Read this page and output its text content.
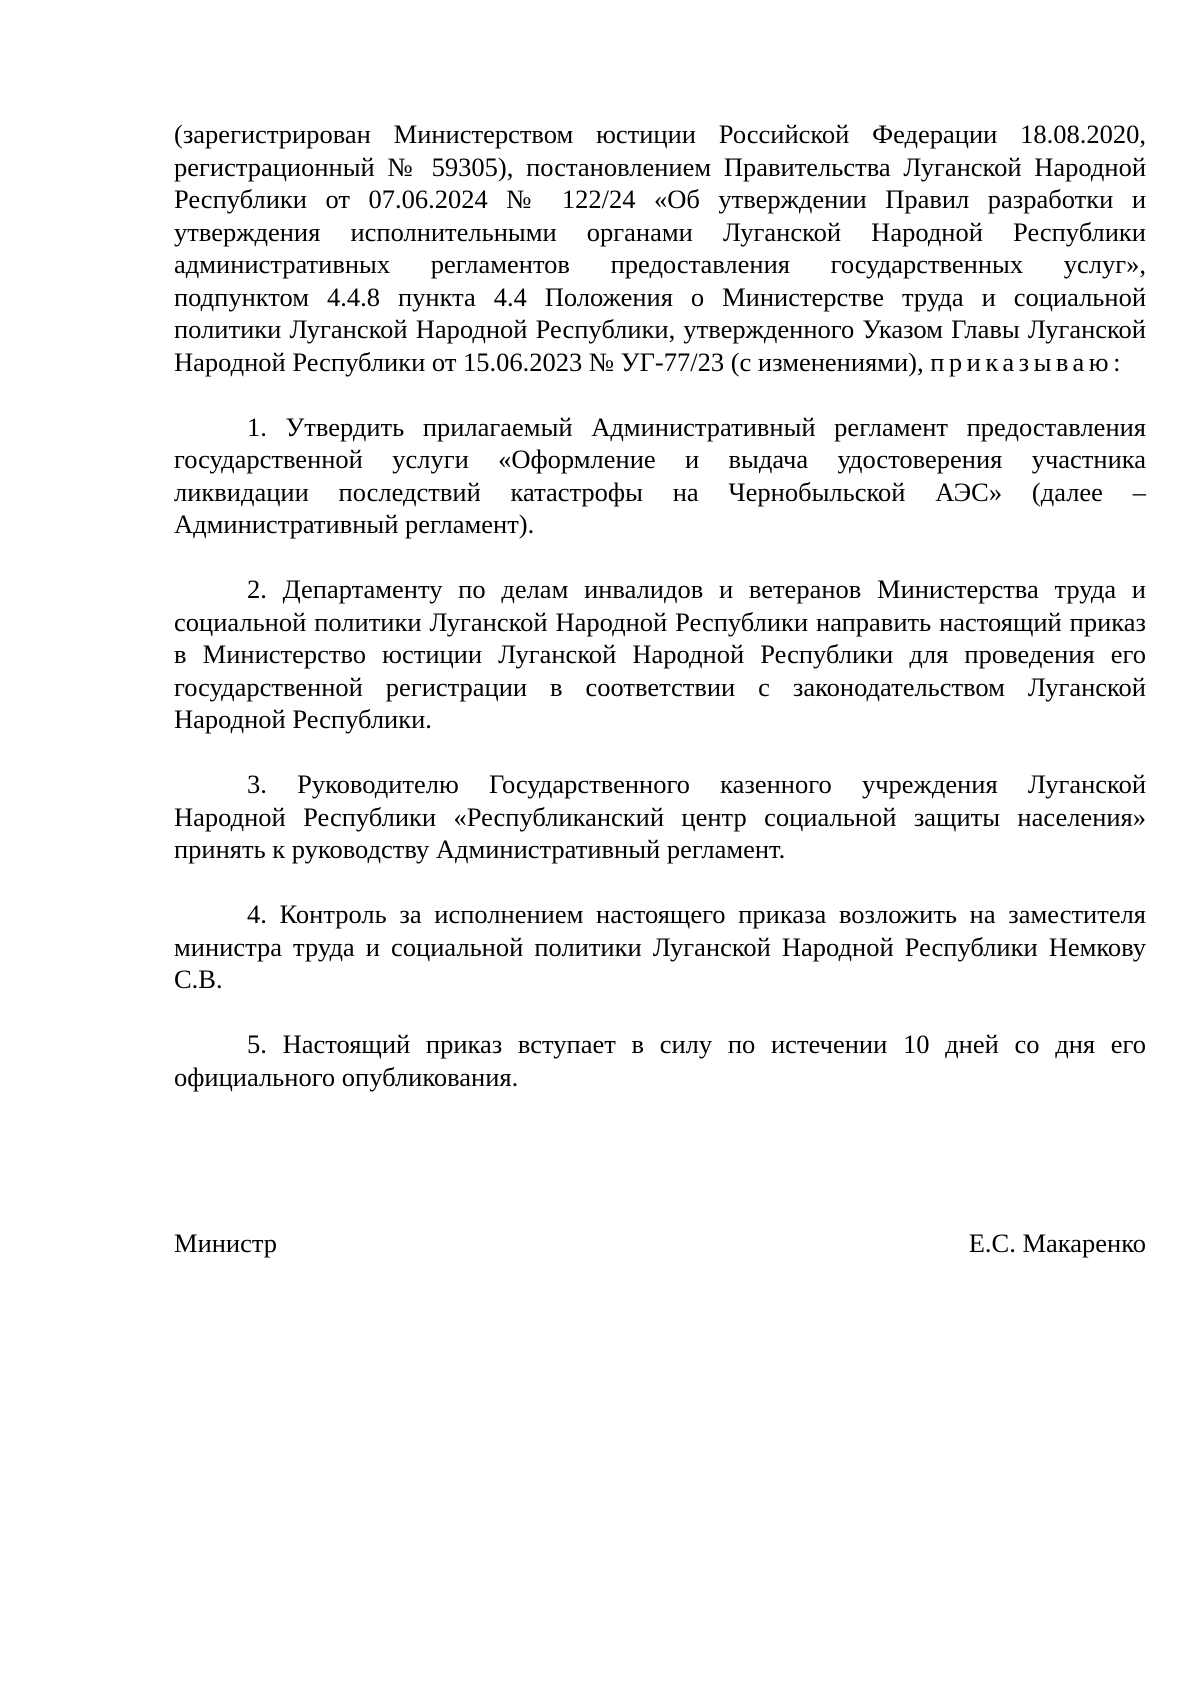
(зарегистрирован Министерством юстиции Российской Федерации 18.08.2020, регистрационный № 59305), постановлением Правительства Луганской Народной Республики от 07.06.2024 № 122/24 «Об утверждении Правил разработки и утверждения исполнительными органами Луганской Народной Республики административных регламентов предоставления государственных услуг», подпунктом 4.4.8 пункта 4.4 Положения о Министерстве труда и социальной политики Луганской Народной Республики, утвержденного Указом Главы Луганской Народной Республики от 15.06.2023 № УГ-77/23 (с изменениями), приказываю:

1. Утвердить прилагаемый Административный регламент предоставления государственной услуги «Оформление и выдача удостоверения участника ликвидации последствий катастрофы на Чернобыльской АЭС» (далее – Административный регламент).

2. Департаменту по делам инвалидов и ветеранов Министерства труда и социальной политики Луганской Народной Республики направить настоящий приказ в Министерство юстиции Луганской Народной Республики для проведения его государственной регистрации в соответствии с законодательством Луганской Народной Республики.

3. Руководителю Государственного казенного учреждения Луганской Народной Республики «Республиканский центр социальной защиты населения» принять к руководству Административный регламент.

4. Контроль за исполнением настоящего приказа возложить на заместителя министра труда и социальной политики Луганской Народной Республики Немкову С.В.

5. Настоящий приказ вступает в силу по истечении 10 дней со дня его официального опубликования.

Министр	Е.С. Макаренко
